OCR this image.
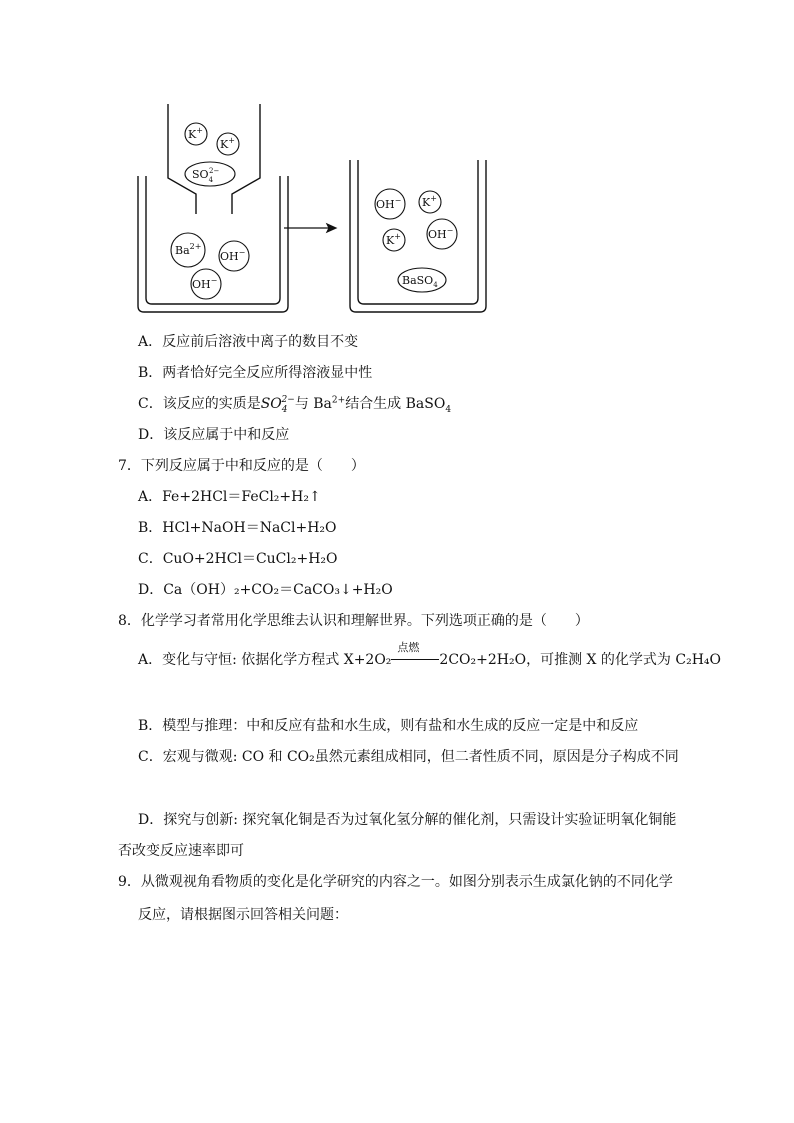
K+
K+
$SO_42-$
$Ba^{2+}$
OH−
OH−
OH− K+
K+ OH−
BaSO$_4$
A．反应前后溶液中离子的数目不变
B．两者恰好完全反应所得溶液显中性
C．该反应的实质是$SO_4^{2-}$与 $Ba^{2+}$结合生成 BaSO$_4$
D．该反应属于中和反应
7．下列反应属于中和反应的是（　　）
A．Fe+2HCl＝FeCl₂+H₂↑
B．HCl+NaOH＝NaCl+H₂O
C．CuO+2HCl＝CuCl₂+H₂O
D．Ca（OH）₂+CO₂＝CaCO₃↓+H₂O
8．化学学习者常用化学思维去认识和理解世界。下列选项正确的是（　　）
A．变化与守恒: 依据化学方程式 X+2O₂
点燃
2CO₂+2H₂O，可推测 X 的化学式为 C₂H₄O
B．模型与推理：中和反应有盐和水生成，则有盐和水生成的反应一定是中和反应
C．宏观与微观: CO 和 CO₂虽然元素组成相同，但二者性质不同，原因是分子构成不同
D．探究与创新: 探究氧化铜是否为过氧化氢分解的催化剂，只需设计实验证明氧化铜能
否改变反应速率即可
9．从微观视角看物质的变化是化学研究的内容之一。如图分别表示生成氯化钠的不同化学
反应，请根据图示回答相关问题：
